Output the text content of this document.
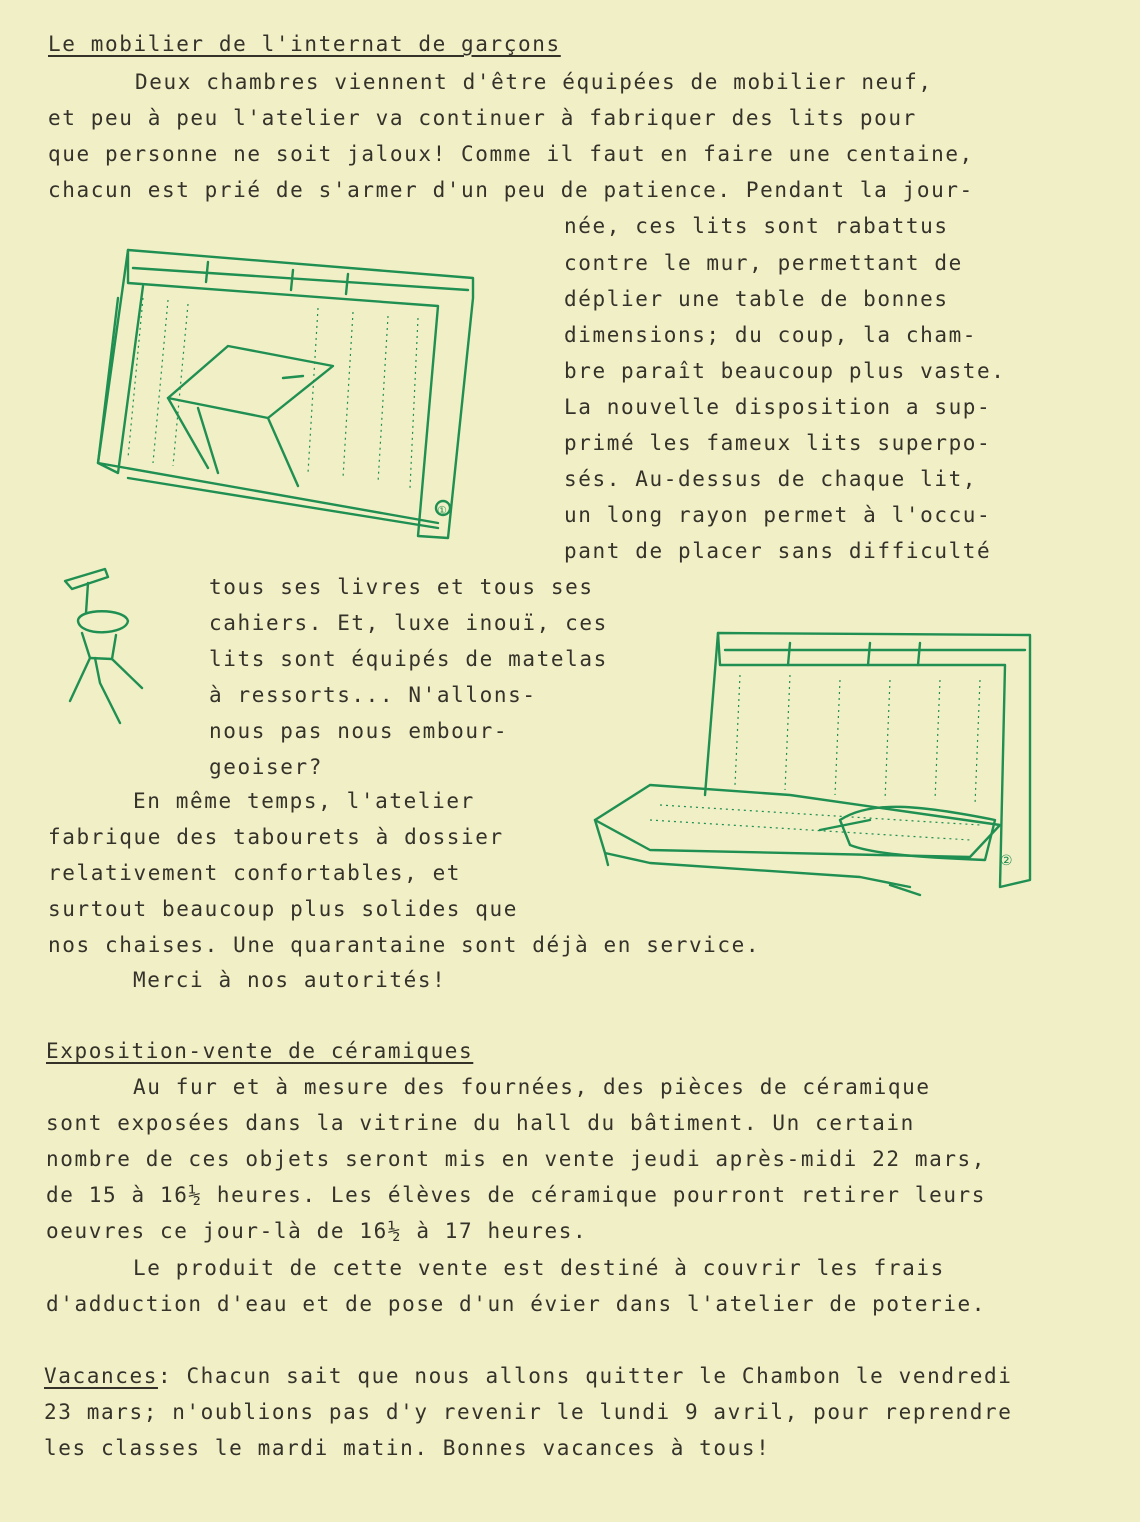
Le mobilier de l'internat de garçons
Deux chambres viennent d'être équipées de mobilier neuf,
et peu à peu l'atelier va continuer à fabriquer des lits pour
que personne ne soit jaloux! Comme il faut en faire une centaine,
chacun est prié de s'armer d'un peu de patience. Pendant la jour-
née, ces lits sont rabattus
contre le mur, permettant de
déplier une table de bonnes
dimensions; du coup, la cham-
bre paraît beaucoup plus vaste.
La nouvelle disposition a sup-
primé les fameux lits superpo-
sés. Au-dessus de chaque lit,
un long rayon permet à l'occu-
pant de placer sans difficulté
tous ses livres et tous ses
cahiers. Et, luxe inouï, ces
lits sont équipés de matelas
à ressorts... N'allons-
nous pas nous embour-
geoiser?
En même temps, l'atelier
fabrique des tabourets à dossier
relativement confortables, et
surtout beaucoup plus solides que
nos chaises. Une quarantaine sont déjà en service.
Merci à nos autorités!
Exposition-vente de céramiques
Au fur et à mesure des fournées, des pièces de céramique
sont exposées dans la vitrine du hall du bâtiment. Un certain
nombre de ces objets seront mis en vente jeudi après-midi 22 mars,
de 15 à 16½ heures. Les élèves de céramique pourront retirer leurs
oeuvres ce jour-là de 16½ à 17 heures.
Le produit de cette vente est destiné à couvrir les frais
d'adduction d'eau et de pose d'un évier dans l'atelier de poterie.
Vacances: Chacun sait que nous allons quitter le Chambon le vendredi
23 mars; n'oublions pas d'y revenir le lundi 9 avril, pour reprendre
les classes le mardi matin. Bonnes vacances à tous!
①
②
